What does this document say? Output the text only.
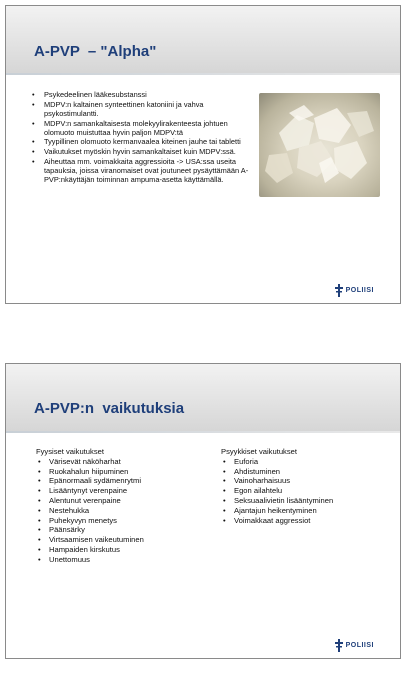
A-PVP  – "Alpha"
• Psykedeelinen lääkesubstanssi
• MDPV:n kaltainen synteettinen katoniini ja vahva psykostimulantti.
• MDPV:n samankaltaisesta molekyylirakenteesta johtuen olomuoto muistuttaa hyvin paljon MDPV:tä
• Tyypillinen olomuoto kermanvaalea kiteinen jauhe tai tabletti
• Vaikutukset myöskin hyvin samankaltaiset kuin MDPV:ssä.
• Aiheuttaa mm. voimakkaita aggressioita -> USA:ssa useita tapauksia, joissa viranomaiset ovat joutuneet pysäyttämään A-PVP:nkäyttäjän toiminnan ampuma-asetta käyttämällä.
POLIISI
A-PVP:n  vaikutuksia
Fyysiset vaikutukset
• Värisevät näköharhat
• Ruokahalun hiipuminen
• Epänormaali sydämenrytmi
• Lisääntynyt verenpaine
• Alentunut verenpaine
• Nestehukka
• Puhekyvyn menetys
• Päänsärky
• Virtsaamisen vaikeutuminen
• Hampaiden kirskutus
• Unettomuus
Psyykkiset vaikutukset
• Euforia
• Ahdistuminen
• Vainoharhaisuus
• Egon ailahtelu
• Seksuaalivietin lisääntyminen
• Ajantajun heikentyminen
• Voimakkaat aggressiot
POLIISI
